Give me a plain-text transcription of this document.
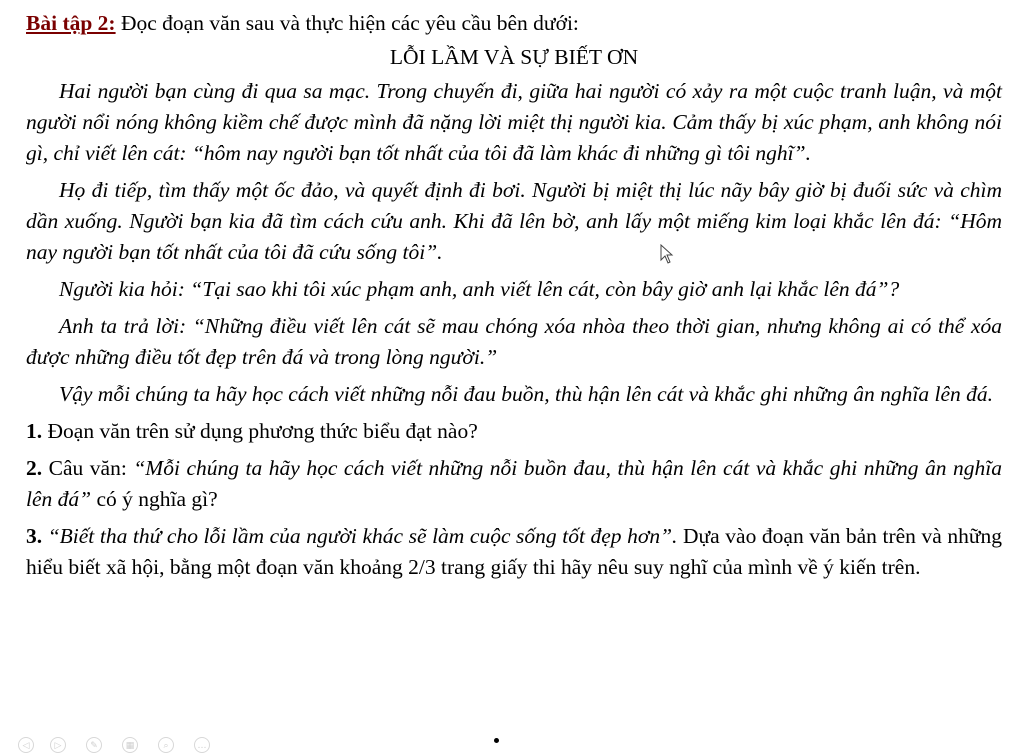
Bài tập 2: Đọc đoạn văn sau và thực hiện các yêu cầu bên dưới:

LỖI LẦM VÀ SỰ BIẾT ƠN

Hai người bạn cùng đi qua sa mạc. Trong chuyến đi, giữa hai người có xảy ra một cuộc tranh luận, và một người nổi nóng không kiềm chế được mình đã nặng lời miệt thị người kia. Cảm thấy bị xúc phạm, anh không nói gì, chỉ viết lên cát: “hôm nay người bạn tốt nhất của tôi đã làm khác đi những gì tôi nghĩ”.

Họ đi tiếp, tìm thấy một ốc đảo, và quyết định đi bơi. Người bị miệt thị lúc nãy bây giờ bị đuối sức và chìm dần xuống. Người bạn kia đã tìm cách cứu anh. Khi đã lên bờ, anh lấy một miếng kim loại khắc lên đá: “Hôm nay người bạn tốt nhất của tôi đã cứu sống tôi”.

Người kia hỏi: “Tại sao khi tôi xúc phạm anh, anh viết lên cát, còn bây giờ anh lại khắc lên đá”?

Anh ta trả lời: “Những điều viết lên cát sẽ mau chóng xóa nhòa theo thời gian, nhưng không ai có thể xóa được những điều tốt đẹp trên đá và trong lòng người.”

Vậy mỗi chúng ta hãy học cách viết những nỗi đau buồn, thù hận lên cát và khắc ghi những ân nghĩa lên đá.

1. Đoạn văn trên sử dụng phương thức biểu đạt nào?

2. Câu văn: “Mỗi chúng ta hãy học cách viết những nỗi buồn đau, thù hận lên cát và khắc ghi những ân nghĩa lên đá” có ý nghĩa gì?

3. “Biết tha thứ cho lỗi lầm của người khác sẽ làm cuộc sống tốt đẹp hơn”. Dựa vào đoạn văn bản trên và những hiểu biết xã hội, bằng một đoạn văn khoảng 2/3 trang giấy thi hãy nêu suy nghĩ của mình về ý kiến trên.

◁	▷	✎	▦	⌕	…
